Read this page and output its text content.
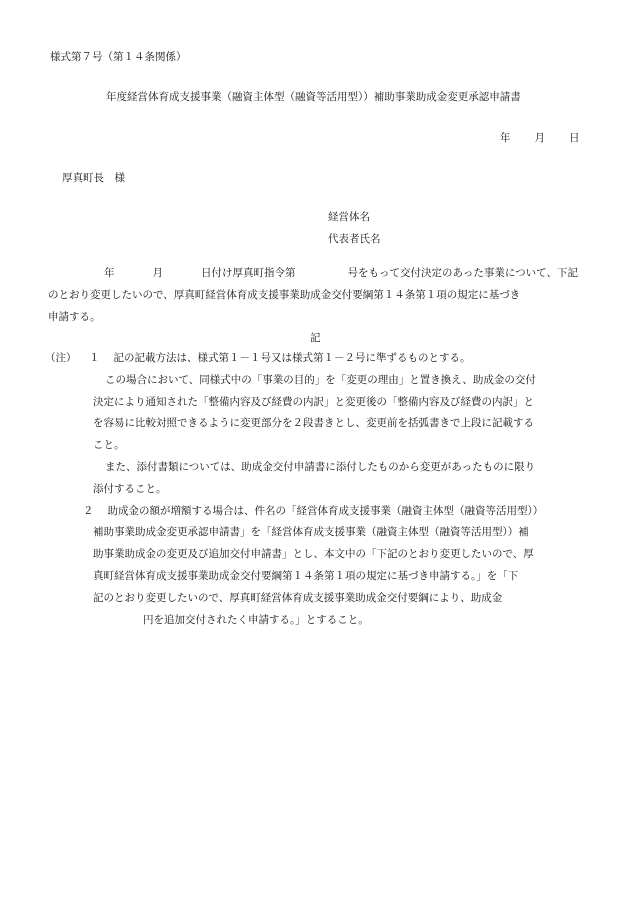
様式第７号（第１４条関係）
年度経営体育成支援事業（融資主体型（融資等活用型））補助事業助成金変更承認申請書
年 月 日
厚真町長　様
経営体名
代表者氏名
年	月	日付け厚真町指令第	号をもって交付決定のあった事業について、下記
のとおり変更したいので、厚真町経営体育成支援事業助成金交付要綱第１４条第１項の規定に基づき
申請する。
記
（注） １　 記の記載方法は、様式第１－１号又は様式第１－２号に準ずるものとする。
この場合において、同様式中の「事業の目的」を「変更の理由」と置き換え、助成金の交付
決定により通知された「整備内容及び経費の内訳」と変更後の「整備内容及び経費の内訳」と
を容易に比較対照できるように変更部分を２段書きとし、変更前を括弧書きで上段に記載する
こと。
また、添付書類については、助成金交付申請書に添付したものから変更があったものに限り
添付すること。
２　 助成金の額が増額する場合は、件名の「経営体育成支援事業（融資主体型（融資等活用型））
補助事業助成金変更承認申請書」を「経営体育成支援事業（融資主体型（融資等活用型））補
助事業助成金の変更及び追加交付申請書」とし、本文中の「下記のとおり変更したいので、厚
真町経営体育成支援事業助成金交付要綱第１４条第１項の規定に基づき申請する。」を「下
記のとおり変更したいので、厚真町経営体育成支援事業助成金交付要綱により、助成金
円を追加交付されたく申請する。」とすること。
